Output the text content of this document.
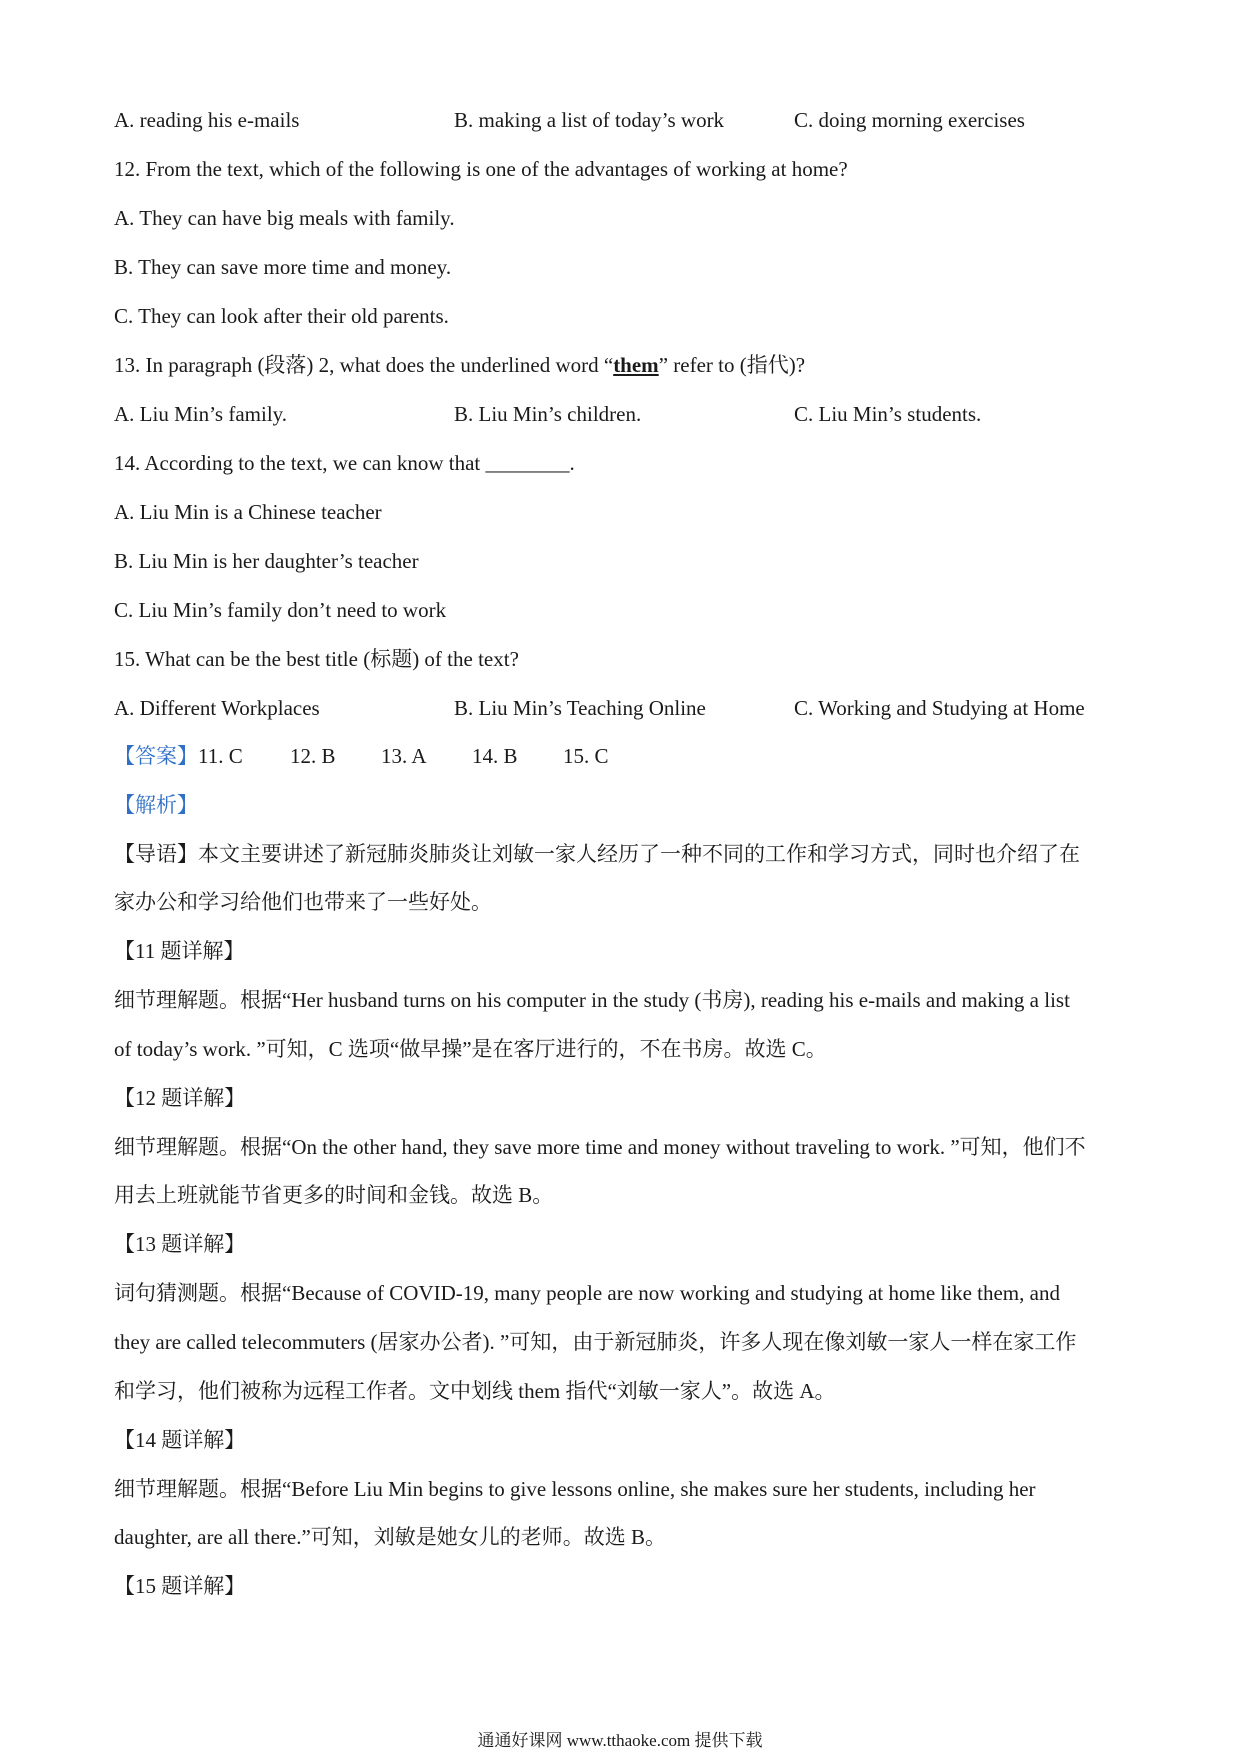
A. reading his e-mails	B. making a list of today’s work	C. doing morning exercises
12. From the text, which of the following is one of the advantages of working at home?
A. They can have big meals with family.
B. They can save more time and money.
C. They can look after their old parents.
13. In paragraph (段落) 2, what does the underlined word “them” refer to (指代)?
A. Liu Min’s family.	B. Liu Min’s children.	C. Liu Min’s students.
14. According to the text, we can know that ________.
A. Liu Min is a Chinese teacher
B. Liu Min is her daughter’s teacher
C. Liu Min’s family don’t need to work
15. What can be the best title (标题) of the text?
A. Different Workplaces	B. Liu Min’s Teaching Online	C. Working and Studying at Home
【答案】 11. C 12. B 13. A 14. B 15. C
【解析】
【导语】本文主要讲述了新冠肺炎肺炎让刘敏一家人经历了一种不同的工作和学习方式，同时也介绍了在
家办公和学习给他们也带来了一些好处。
【11 题详解】
细节理解题。根据“Her husband turns on his computer in the study (书房), reading his e-mails and making a list
of today’s work. ”可知，C 选项“做早操”是在客厅进行的，不在书房。故选 C。
【12 题详解】
细节理解题。根据“On the other hand, they save more time and money without traveling to work. ”可知，他们不
用去上班就能节省更多的时间和金钱。故选 B。
【13 题详解】
词句猜测题。根据“Because of COVID-19, many people are now working and studying at home like them, and
they are called telecommuters (居家办公者). ”可知，由于新冠肺炎，许多人现在像刘敏一家人一样在家工作
和学习，他们被称为远程工作者。文中划线 them 指代“刘敏一家人”。故选 A。
【14 题详解】
细节理解题。根据“Before Liu Min begins to give lessons online, she makes sure her students, including her
daughter, are all there.”可知，刘敏是她女儿的老师。故选 B。
【15 题详解】
通通好课网 www.tthaoke.com 提供下载
